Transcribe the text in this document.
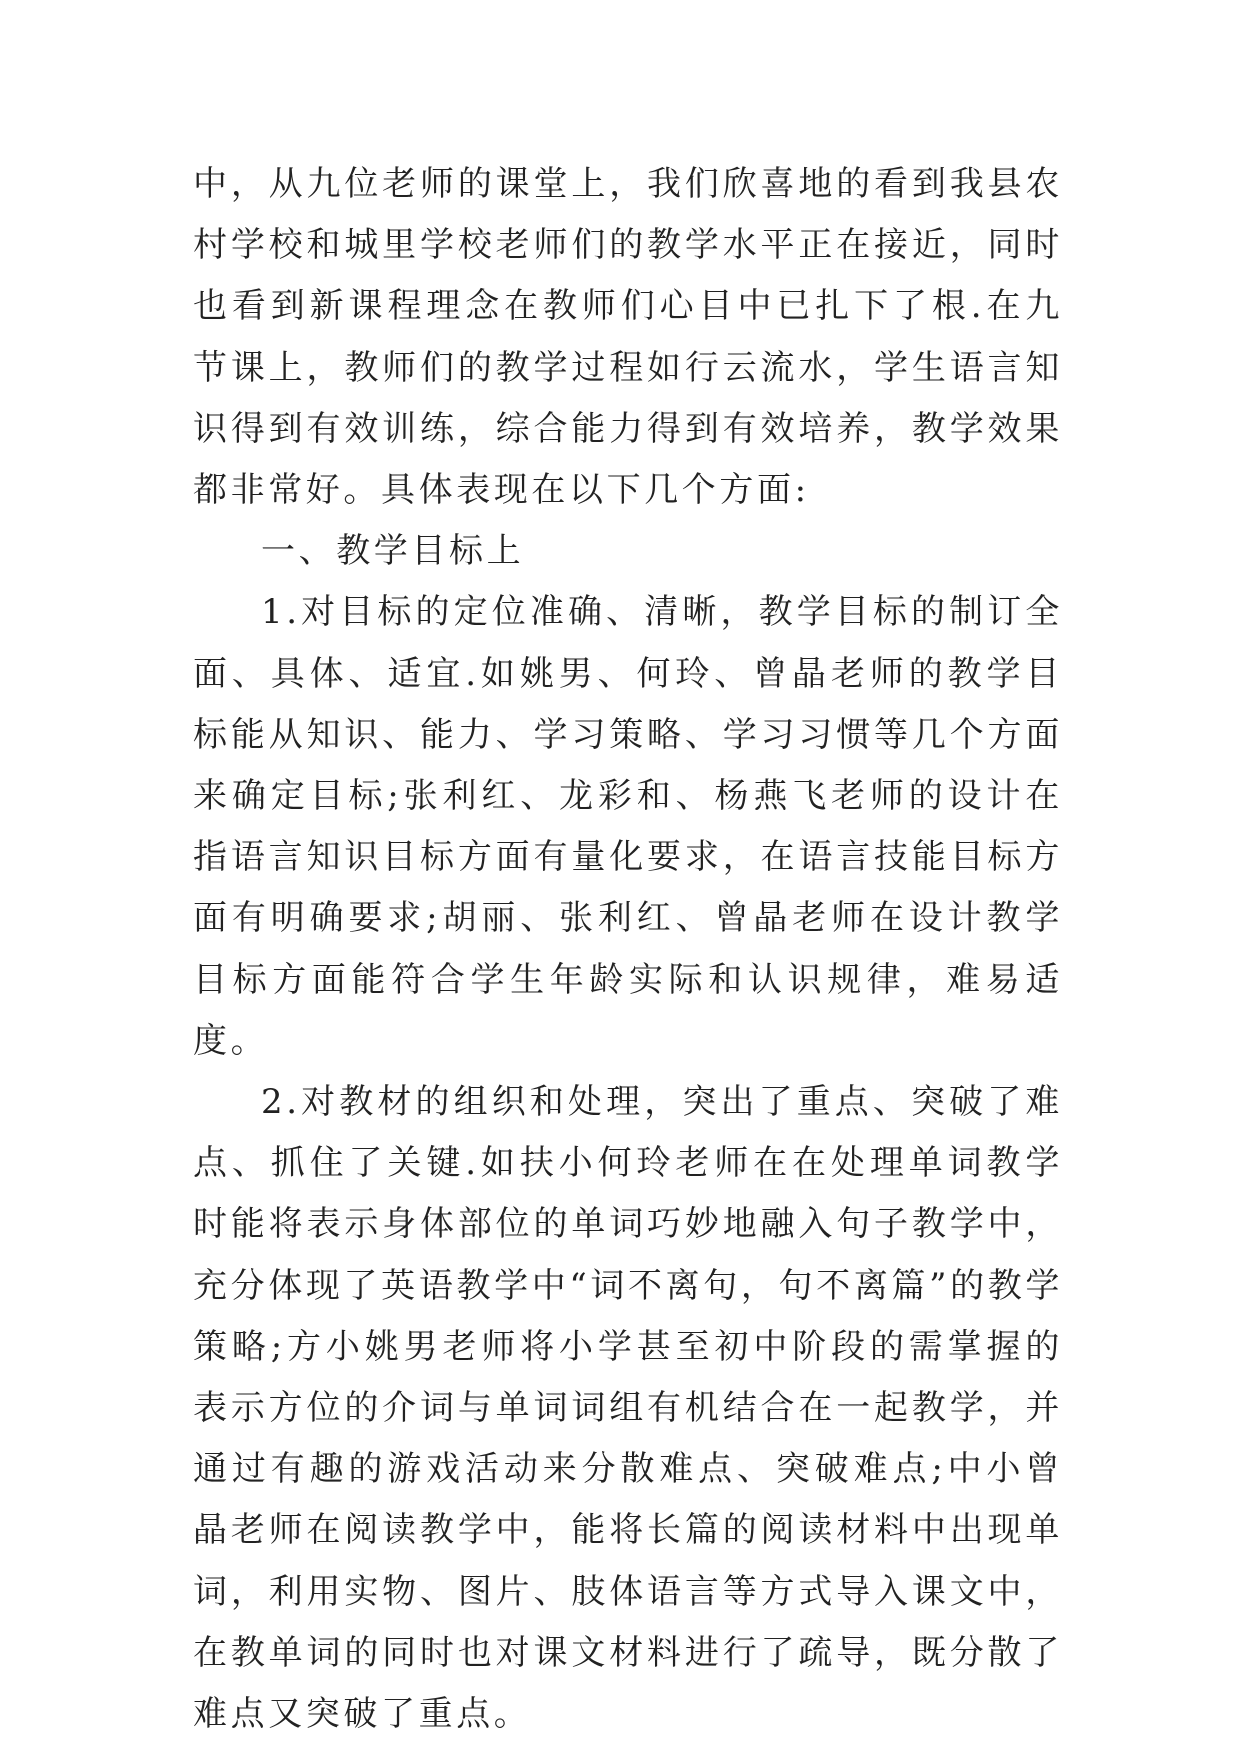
中，从九位老师的课堂上，我们欣喜地的看到我县农村学校和城里学校老师们的教学水平正在接近，同时也看到新课程理念在教师们心目中已扎下了根.在九节课上，教师们的教学过程如行云流水，学生语言知识得到有效训练，综合能力得到有效培养，教学效果都非常好。具体表现在以下几个方面:

一、教学目标上

1.对目标的定位准确、清晰，教学目标的制订全面、具体、适宜.如姚男、何玲、曾晶老师的教学目标能从知识、能力、学习策略、学习习惯等几个方面来确定目标;张利红、龙彩和、杨燕飞老师的设计在指语言知识目标方面有量化要求，在语言技能目标方面有明确要求;胡丽、张利红、曾晶老师在设计教学目标方面能符合学生年龄实际和认识规律，难易适度。

2.对教材的组织和处理，突出了重点、突破了难点、抓住了关键.如扶小何玲老师在在处理单词教学时能将表示身体部位的单词巧妙地融入句子教学中，充分体现了英语教学中“词不离句，句不离篇”的教学策略;方小姚男老师将小学甚至初中阶段的需掌握的表示方位的介词与单词词组有机结合在一起教学，并通过有趣的游戏活动来分散难点、突破难点;中小曾晶老师在阅读教学中，能将长篇的阅读材料中出现单词，利用实物、图片、肢体语言等方式导入课文中，在教单词的同时也对课文材料进行了疏导，既分散了难点又突破了重点。
